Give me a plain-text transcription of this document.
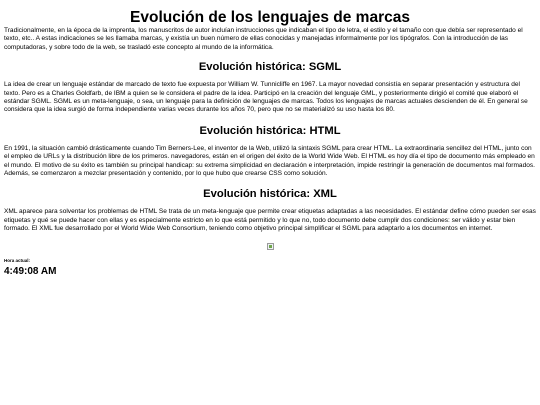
Evolución de los lenguajes de marcas

Tradicionalmente, en la época de la imprenta, los manuscritos de autor incluían instrucciones que indicaban el tipo de letra, el estilo y el tamaño con que debía ser representado el texto, etc.. A estas indicaciones se les llamaba marcas, y existía un buen número de ellas conocidas y manejadas informalmente por los tipógrafos. Con la introducción de las computadoras, y sobre todo de la web, se trasladó este concepto al mundo de la informática.

Evolución histórica: SGML

La idea de crear un lenguaje estándar de marcado de texto fue expuesta por William W. Tunnicliffe en 1967. La mayor novedad consistía en separar presentación y estructura del texto. Pero es a Charles Goldfarb, de IBM a quien se le considera el padre de la idea. Participó en la creación del lenguaje GML, y posteriormente dirigió el comité que elaboró el estándar SGML. SGML es un meta-lenguaje, o sea, un lenguaje para la definición de lenguajes de marcas. Todos los lenguajes de marcas actuales descienden de él. En general se considera que la idea surgió de forma independiente varias veces durante los años 70, pero que no se materializó su uso hasta los 80.

Evolución histórica: HTML

En 1991, la situación cambió drásticamente cuando Tim Berners-Lee, el inventor de la Web, utilizó la sintaxis SGML para crear HTML. La extraordinaria sencillez del HTML, junto con el empleo de URLs y la distribución libre de los primeros. navegadores, están en el origen del éxito de la World Wide Web. El HTML es hoy día el tipo de documento más empleado en el mundo. El motivo de su éxito es también su principal handicap: su extrema simplicidad en declaración e interpretación, impide restringir la generación de documentos mal formados. Además, se comenzaron a mezclar presentación y contenido, por lo que hubo que crearse CSS como solución.

Evolución histórica: XML

XML aparece para solventar los problemas de HTML Se trata de un meta-lenguaje que permite crear etiquetas adaptadas a las necesidades. El estándar define cómo pueden ser esas etiquetas y qué se puede hacer con ellas y es especialmente estricto en lo que está permitido y lo que no, todo documento debe cumplir dos condiciones: ser válido y estar bien formado. El XML fue desarrollado por el World Wide Web Consortium, teniendo como objetivo principal simplificar el SGML para adaptarlo a los documentos en internet.

Hora actual:
4:49:08 AM
